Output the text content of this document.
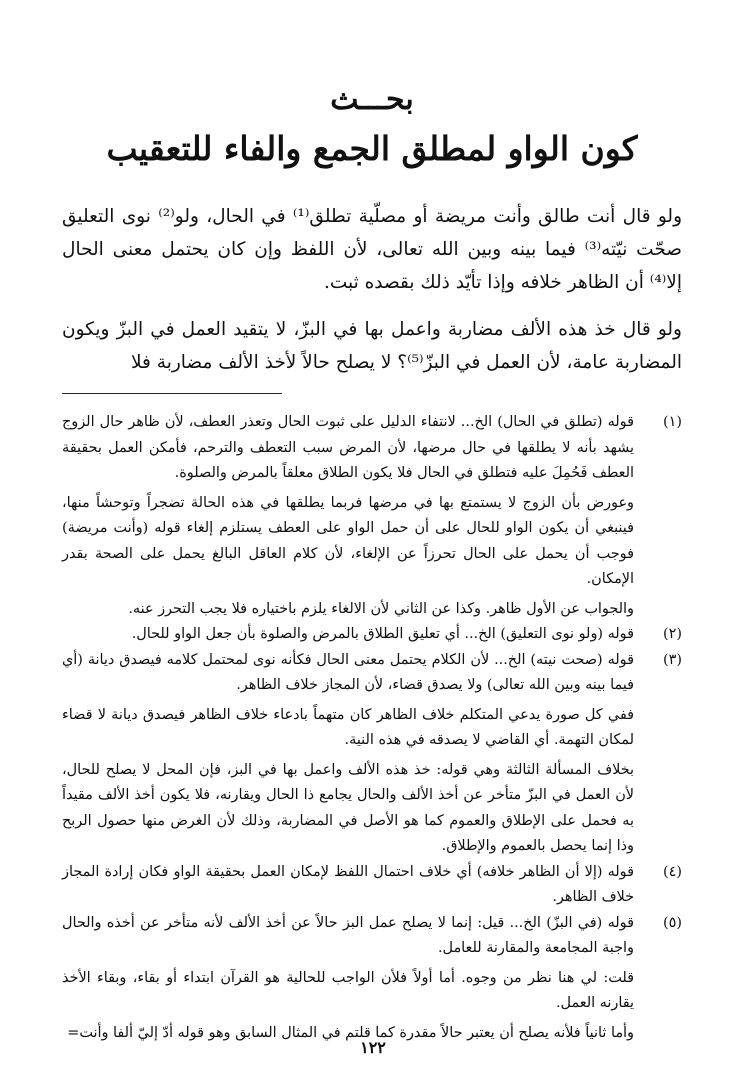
بحـــث
كون الواو لمطلق الجمع والفاء للتعقيب

ولو قال أنت طالق وأنت مريضة أو مصلّية تطلق⁽¹⁾ في الحال، ولو⁽²⁾ نوى التعليق صحّت نيّته⁽³⁾ فيما بينه وبين الله تعالى، لأن اللفظ وإن كان يحتمل معنى الحال إلا⁽⁴⁾ أن الظاهر خلافه وإذا تأيّد ذلك بقصده ثبت.

ولو قال خذ هذه الألف مضاربة واعمل بها في البزّ، لا يتقيد العمل في البزّ ويكون المضاربة عامة، لأن العمل في البزّ⁽⁵⁾؟ لا يصلح حالاً لأخذ الألف مضاربة فلا

(١)

قوله (تطلق في الحال) الخ... لانتفاء الدليل على ثبوت الحال وتعذر العطف، لأن ظاهر حال الزوج يشهد بأنه لا يطلقها في حال مرضها، لأن المرض سبب التعطف والترحم، فأمكن العمل بحقيقة العطف فَحُمِلَ عليه فتطلق في الحال فلا يكون الطلاق معلقاً بالمرض والصلوة.

وعورض بأن الزوج لا يستمتع بها في مرضها فربما يطلقها في هذه الحالة تضجراً وتوحشاً منها، فينبغي أن يكون الواو للحال على أن حمل الواو على العطف يستلزم إلغاء قوله (وأنت مريضة) فوجب أن يحمل على الحال تحرزاً عن الإلغاء، لأن كلام العاقل البالغ يحمل على الصحة بقدر الإمكان.

والجواب عن الأول ظاهر. وكذا عن الثاني لأن الالغاء يلزم باختياره فلا يجب التحرز عنه.

(٢)

قوله (ولو نوى التعليق) الخ... أي تعليق الطلاق بالمرض والصلوة بأن جعل الواو للحال.

(٣)

قوله (صحت نيته) الخ... لأن الكلام يحتمل معنى الحال فكأنه نوى لمحتمل كلامه فيصدق ديانة (أي فيما بينه وبين الله تعالى) ولا يصدق قضاء، لأن المجاز خلاف الظاهر.

ففي كل صورة يدعي المتكلم خلاف الظاهر كان متهماً بادعاء خلاف الظاهر فيصدق ديانة لا قضاء لمكان التهمة. أي القاضي لا يصدقه في هذه النية.

بخلاف المسألة الثالثة وهي قوله: خذ هذه الألف واعمل بها في البز، فإن المحل لا يصلح للحال، لأن العمل في البزّ متأخر عن أخذ الألف والحال يجامع ذا الحال ويقارنه، فلا يكون أخذ الألف مقيداً به فحمل على الإطلاق والعموم كما هو الأصل في المضاربة، وذلك لأن الغرض منها حصول الربح وذا إنما يحصل بالعموم والإطلاق.

(٤)

قوله (إلا أن الظاهر خلافه) أي خلاف احتمال اللفظ لإمكان العمل بحقيقة الواو فكان إرادة المجاز خلاف الظاهر.

(٥)

قوله (في البزّ) الخ... قيل: إنما لا يصلح عمل البز حالاً عن أخذ الألف لأنه متأخر عن أخذه والحال واجبة المجامعة والمقارنة للعامل.

قلت: لي هنا نظر من وجوه. أما أولاً فلأن الواجب للحالية هو القرآن ابتداء أو بقاء، وبقاء الأخذ يقارنه العمل.

وأما ثانياً فلأنه يصلح أن يعتبر حالاً مقدرة كما قلتم في المثال السابق وهو قوله أدّ إليّ ألفا وأنت=

١٢٢
